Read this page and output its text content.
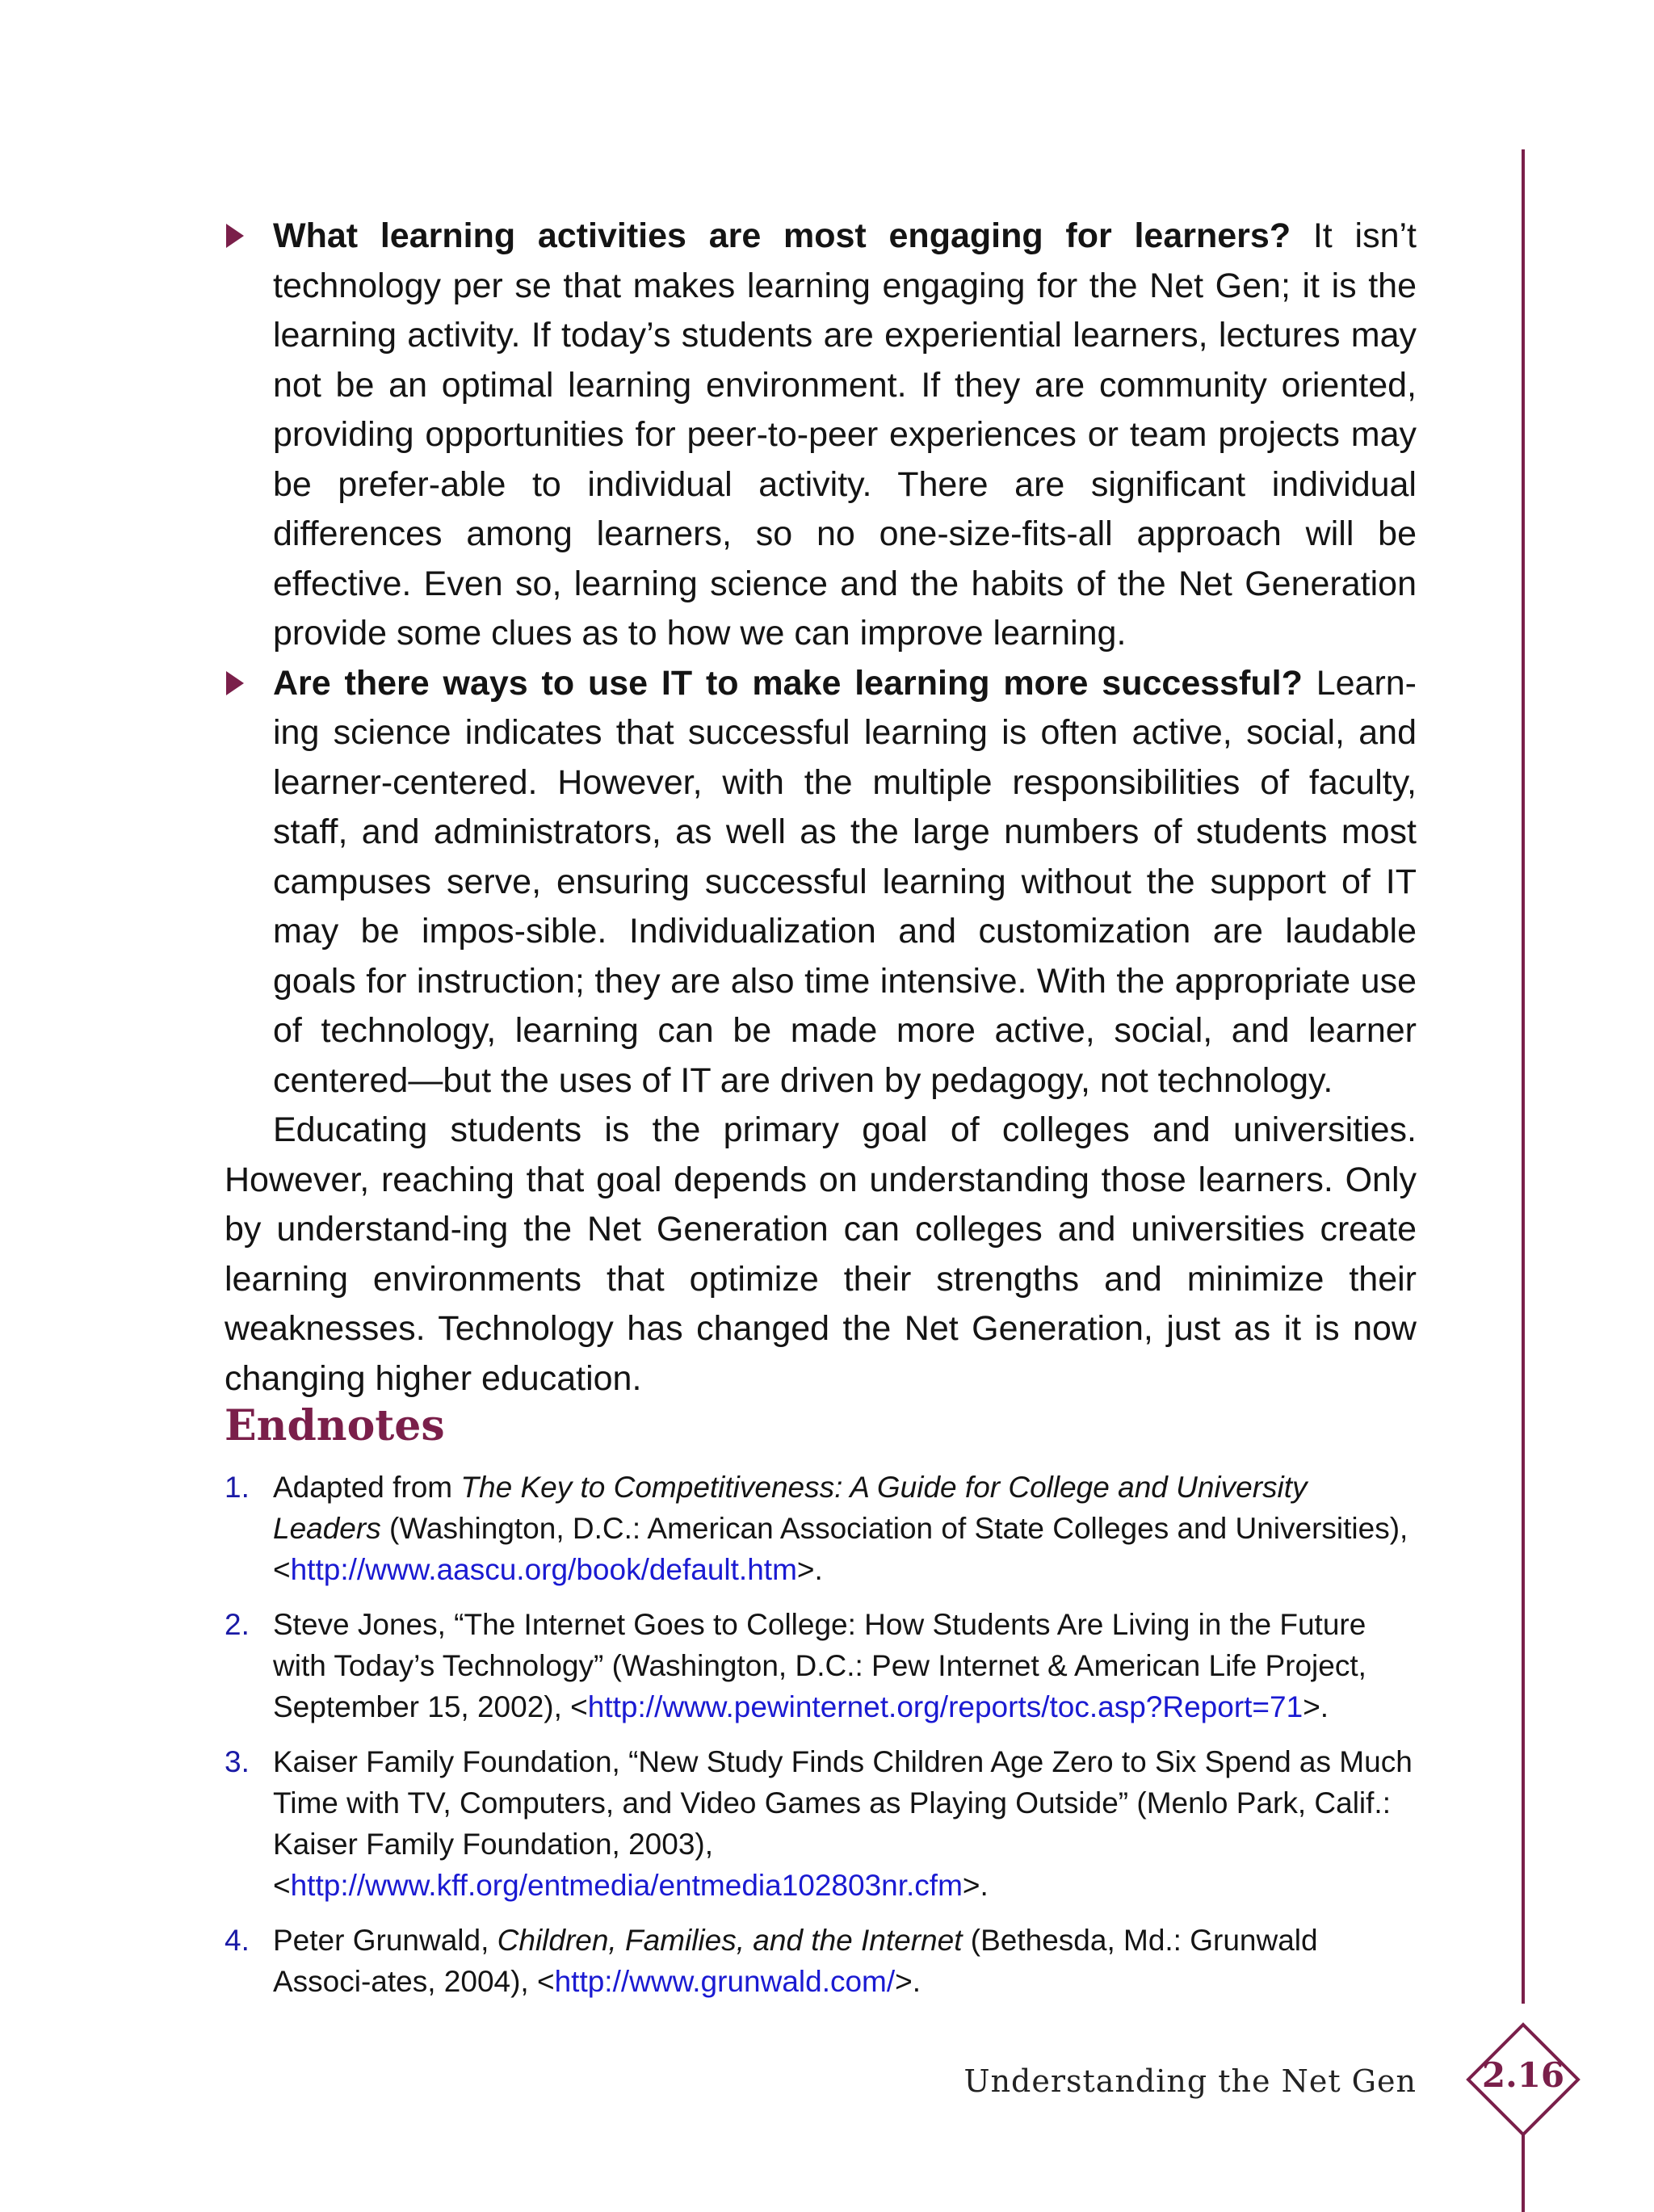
What learning activities are most engaging for learners? It isn’t technology per se that makes learning engaging for the Net Gen; it is the learning activity. If today’s students are experiential learners, lectures may not be an optimal learning environment. If they are community oriented, providing opportunities for peer-to-peer experiences or team projects may be prefer-able to individual activity. There are significant individual differences among learners, so no one-size-fits-all approach will be effective. Even so, learning science and the habits of the Net Generation provide some clues as to how we can improve learning.
Are there ways to use IT to make learning more successful? Learn-ing science indicates that successful learning is often active, social, and learner-centered. However, with the multiple responsibilities of faculty, staff, and administrators, as well as the large numbers of students most campuses serve, ensuring successful learning without the support of IT may be impos-sible. Individualization and customization are laudable goals for instruction; they are also time intensive. With the appropriate use of technology, learning can be made more active, social, and learner centered—but the uses of IT are driven by pedagogy, not technology.

Educating students is the primary goal of colleges and universities. However, reaching that goal depends on understanding those learners. Only by understand-ing the Net Generation can colleges and universities create learning environments that optimize their strengths and minimize their weaknesses. Technology has changed the Net Generation, just as it is now changing higher education.

Endnotes
1. Adapted from The Key to Competitiveness: A Guide for College and University Leaders (Washington, D.C.: American Association of State Colleges and Universities), <http://www.aascu.org/book/default.htm>.
2. Steve Jones, “The Internet Goes to College: How Students Are Living in the Future with Today’s Technology” (Washington, D.C.: Pew Internet & American Life Project, September 15, 2002), <http://www.pewinternet.org/reports/toc.asp?Report=71>.
3. Kaiser Family Foundation, “New Study Finds Children Age Zero to Six Spend as Much Time with TV, Computers, and Video Games as Playing Outside” (Menlo Park, Calif.: Kaiser Family Foundation, 2003), <http://www.kff.org/entmedia/entmedia102803nr.cfm>.
4. Peter Grunwald, Children, Families, and the Internet (Bethesda, Md.: Grunwald Associ-ates, 2004), <http://www.grunwald.com/>.
Understanding the Net Gen	2.16
